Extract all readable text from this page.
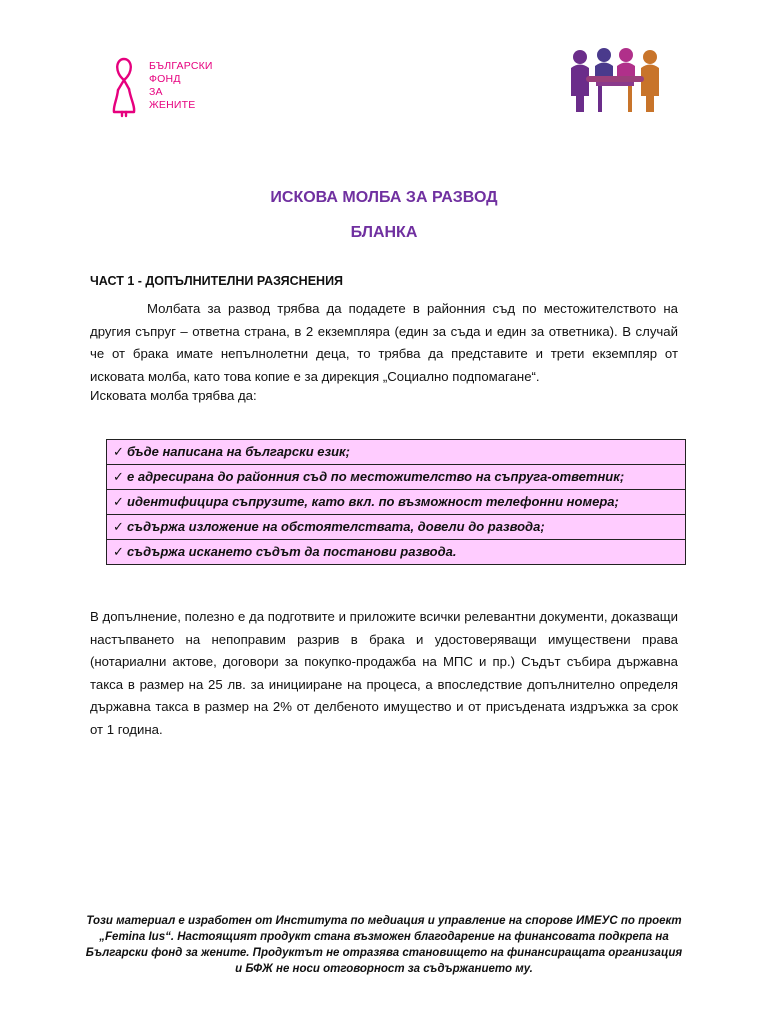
БЪЛГАРСКИ
ФОНД
ЗА
ЖЕНИТЕ
ИСКОВА МОЛБА ЗА РАЗВОД
БЛАНКА
ЧАСТ 1 - ДОПЪЛНИТЕЛНИ РАЗЯСНЕНИЯ

Молбата за развод трябва да подадете в районния съд по местожителството на другия съпруг – ответна страна, в 2 екземпляра (един за съда и един за ответника). В случай че от брака имате непълнолетни деца, то трябва да представите и трети екземпляр от исковата молба, като това копие е за дирекция „Социално подпомагане“.

Исковата молба трябва да:

✓ бъде написана на български език;
✓ е адресирана до районния съд по местожителство на съпруга-ответник;
✓ идентифицира съпрузите, като вкл. по възможност телефонни номера;
✓ съдържа изложение на обстоятелствата, довели до развода;
✓ съдържа искането съдът да постанови развода.

В допълнение, полезно е да подготвите и приложите всички релевантни документи, доказващи настъпването на непоправим разрив в брака и удостоверяващи имуществени права (нотариални актове, договори за покупко-продажба на МПС и пр.) Съдът събира държавна такса в размер на 25 лв. за иницииране на процеса, а впоследствие допълнително определя държавна такса в размер на 2% от делбеното имущество и от присъдената издръжка за срок от 1 година.

Този материал е изработен от Института по медиация и управление на спорове ИМЕУС по проект „Femina Ius“. Настоящият продукт стана възможен благодарение на финансовата подкрепа на Български фонд за жените. Продуктът не отразява становището на финансиращата организация и БФЖ не носи отговорност за съдържанието му.
